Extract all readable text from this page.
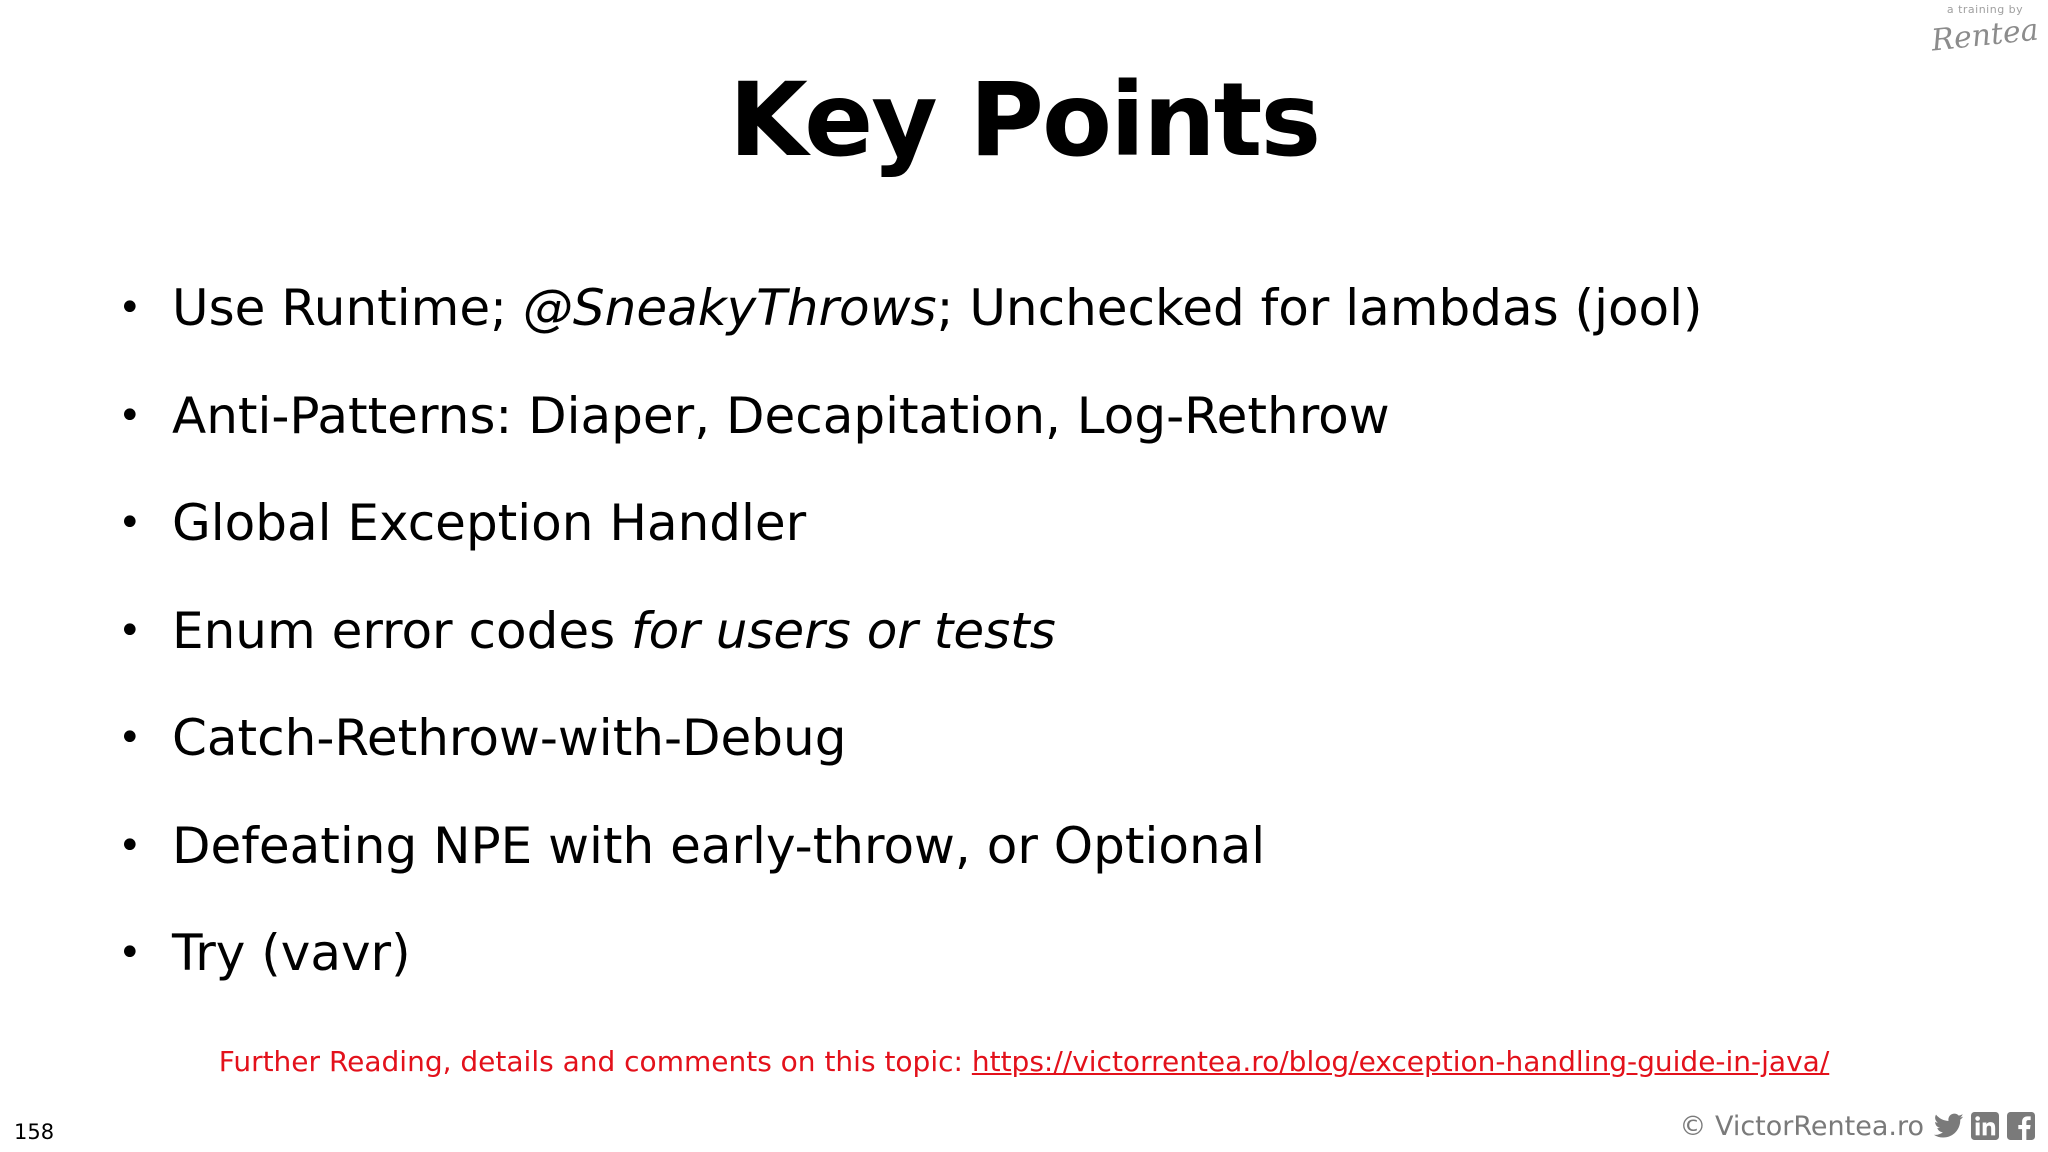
a training by
Rentea
Key Points
• Use Runtime; @SneakyThrows; Unchecked for lambdas (jool)
• Anti-Patterns: Diaper, Decapitation, Log-Rethrow
• Global Exception Handler
• Enum error codes for users or tests
• Catch-Rethrow-with-Debug
• Defeating NPE with early-throw, or Optional
• Try (vavr)
Further Reading, details and comments on this topic: https://victorrentea.ro/blog/exception-handling-guide-in-java/
158	© VictorRentea.ro
